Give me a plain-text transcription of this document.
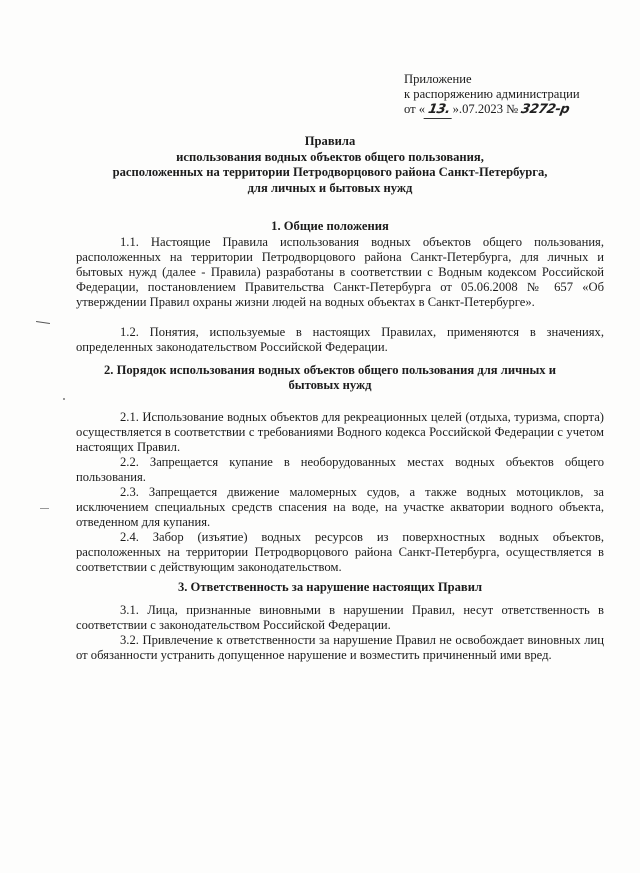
Приложение
к распоряжению администрации
от « 13.».07.2023 № 3272-р
Правила
использования водных объектов общего пользования,
расположенных на территории Петродворцового района Санкт-Петербурга,
для личных и бытовых нужд
1. Общие положения
1.1. Настоящие Правила использования водных объектов общего пользования, расположенных на территории Петродворцового района Санкт-Петербурга, для личных и бытовых нужд (далее - Правила) разработаны в соответствии с Водным кодексом Российской Федерации, постановлением Правительства Санкт-Петербурга от 05.06.2008 № 657 «Об утверждении Правил охраны жизни людей на водных объектах в Санкт-Петербурге».
1.2. Понятия, используемые в настоящих Правилах, применяются в значениях, определенных законодательством Российской Федерации.
2. Порядок использования водных объектов общего пользования для личных и
бытовых нужд
2.1. Использование водных объектов для рекреационных целей (отдыха, туризма, спорта) осуществляется в соответствии с требованиями Водного кодекса Российской Федерации с учетом настоящих Правил.
2.2. Запрещается купание в необорудованных местах водных объектов общего пользования.
2.3. Запрещается движение маломерных судов, а также водных мотоциклов, за исключением специальных средств спасения на воде, на участке акватории водного объекта, отведенном для купания.
2.4. Забор (изъятие) водных ресурсов из поверхностных водных объектов, расположенных на территории Петродворцового района Санкт-Петербурга, осуществляется в соответствии с действующим законодательством.
3. Ответственность за нарушение настоящих Правил
3.1. Лица, признанные виновными в нарушении Правил, несут ответственность в соответствии с законодательством Российской Федерации.
3.2. Привлечение к ответственности за нарушение Правил не освобождает виновных лиц от обязанности устранить допущенное нарушение и возместить причиненный ими вред.
